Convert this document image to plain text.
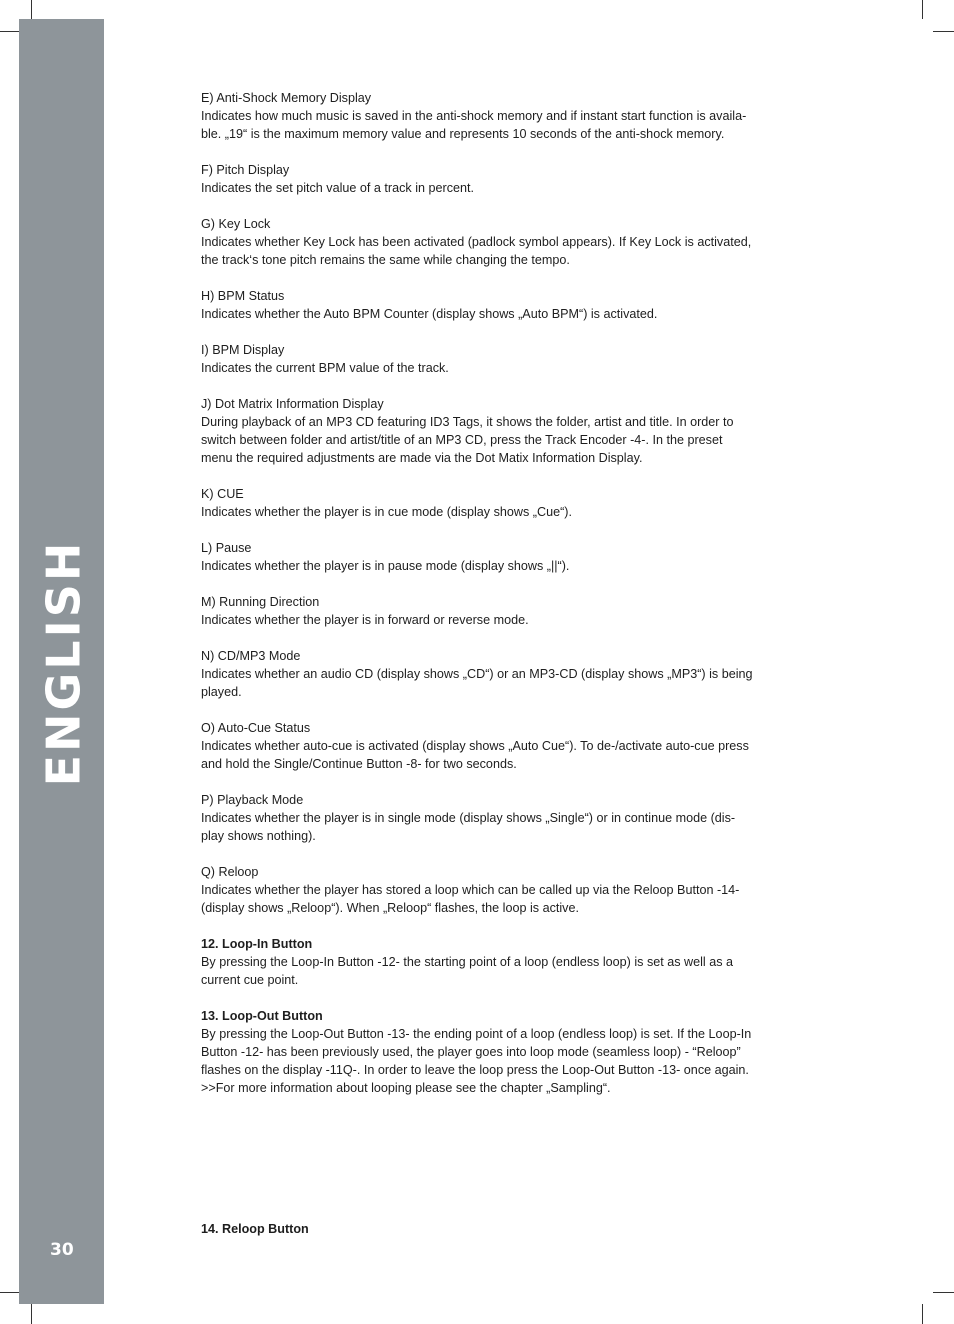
ENGLISH
30

E) Anti-Shock Memory Display

Indicates how much music is saved in the anti-shock memory and if instant start function is availa-

ble. „19“ is the maximum memory value and represents 10 seconds of the anti-shock memory.

F) Pitch Display

Indicates the set pitch value of a track in percent.

G) Key Lock

Indicates whether Key Lock has been activated (padlock symbol appears). If Key Lock is activated,

the track‘s tone pitch remains the same while changing the tempo.

H) BPM Status

Indicates whether the Auto BPM Counter (display shows „Auto BPM“) is activated.

I) BPM Display

Indicates the current BPM value of the track.

J) Dot Matrix Information Display

During playback of an MP3 CD featuring ID3 Tags, it shows the folder, artist and title. In order to

switch between folder and artist/title of an MP3 CD, press the Track Encoder -4-. In the preset

menu the required adjustments are made via the Dot Matix Information Display.

K) CUE

Indicates whether the player is in cue mode (display shows „Cue“).

L) Pause

Indicates whether the player is in pause mode (display shows „||“).

M) Running Direction

Indicates whether the player is in forward or reverse mode.

N) CD/MP3 Mode

Indicates whether an audio CD (display shows „CD“) or an MP3-CD (display shows „MP3“) is being

played.

O) Auto-Cue Status

Indicates whether auto-cue is activated (display shows „Auto Cue“). To de-/activate auto-cue press

and hold the Single/Continue Button -8- for two seconds.

P) Playback Mode

Indicates whether the player is in single mode (display shows „Single“) or in continue mode (dis-

play shows nothing).

Q) Reloop

Indicates whether the player has stored a loop which can be called up via the Reloop Button -14-

(display shows „Reloop“). When „Reloop“ flashes, the loop is active.

12. Loop-In Button

By pressing the Loop-In Button -12- the starting point of a loop (endless loop) is set as well as a

current cue point.

13. Loop-Out Button

By pressing the Loop-Out Button -13- the ending point of a loop (endless loop) is set. If the Loop-In

Button -12- has been previously used, the player goes into loop mode (seamless loop) - “Reloop”

flashes on the display -11Q-. In order to leave the loop press the Loop-Out Button -13- once again.

>>For more information about looping please see the chapter „Sampling“.

14. Reloop Button
